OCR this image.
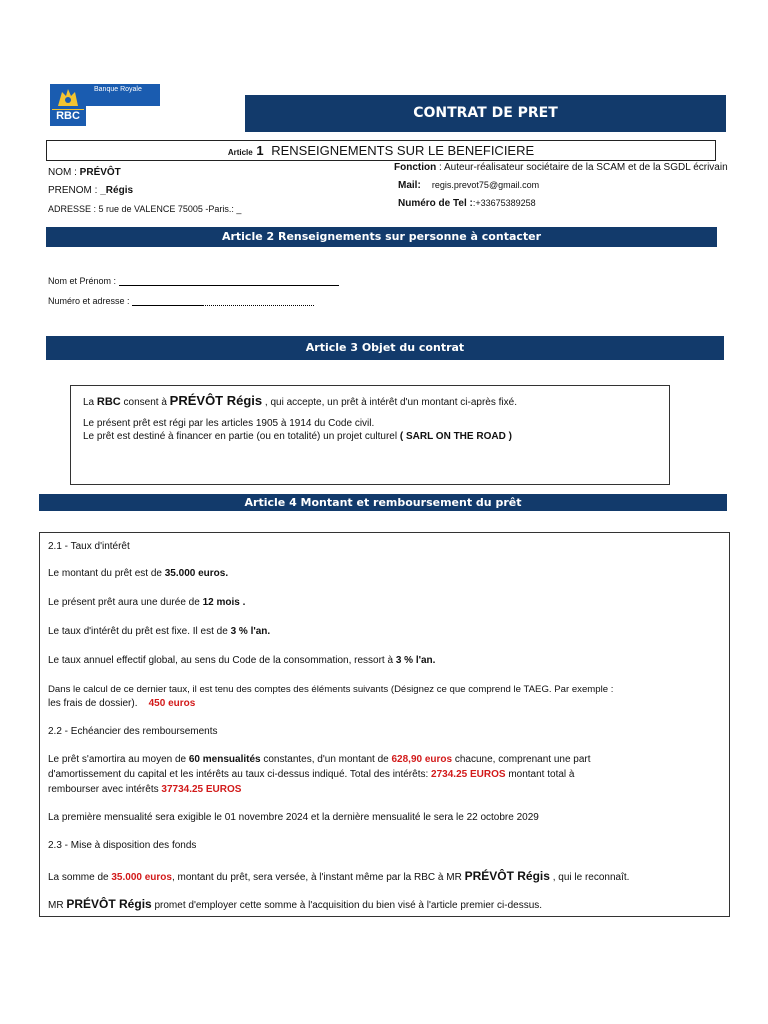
RBC
Banque Royale
CONTRAT DE PRET
Article 1 RENSEIGNEMENTS SUR LE BENEFICIERE
NOM : PRÉVÔT
PRENOM : _Régis
ADRESSE : 5 rue de VALENCE 75005 -Paris.: _
Fonction : Auteur-réalisateur sociétaire de la SCAM et de la SGDL écrivain
Mail: regis.prevot75@gmail.com
Numéro de Tel ::+33675389258
Article 2 Renseignements sur personne à contacter
Nom et Prénom :
Numéro et adresse :
Article 3 Objet du contrat

La RBC consent à PRÉVÔT Régis , qui accepte, un prêt à intérêt d'un montant ci-après fixé.

Le présent prêt est régi par les articles 1905 à 1914 du Code civil.

Le prêt est destiné à financer en partie (ou en totalité) un projet culturel ( SARL ON THE ROAD )

Article 4 Montant et remboursement du prêt
2.1 - Taux d'intérêt
Le montant du prêt est de 35.000 euros.
Le présent prêt aura une durée de 12 mois .
Le taux d'intérêt du prêt est fixe. Il est de 3 % l'an.
Le taux annuel effectif global, au sens du Code de la consommation, ressort à 3 % l'an.
Dans le calcul de ce dernier taux, il est tenu des comptes des éléments suivants (Désignez ce que comprend le TAEG. Par exemple :
les frais de dossier). 450 euros
2.2 - Echéancier des remboursements
Le prêt s'amortira au moyen de 60 mensualités constantes, d'un montant de 628,90 euros chacune, comprenant une part
d'amortissement du capital et les intérêts au taux ci-dessus indiqué. Total des intérêts: 2734.25 EUROS montant total à
rembourser avec intérêts 37734.25 EUROS
La première mensualité sera exigible le 01 novembre 2024 et la dernière mensualité le sera le 22 octobre 2029
2.3 - Mise à disposition des fonds
La somme de 35.000 euros, montant du prêt, sera versée, à l'instant même par la RBC à MR PRÉVÔT Régis , qui le reconnaît.
MR PRÉVÔT Régis promet d'employer cette somme à l'acquisition du bien visé à l'article premier ci-dessus.
